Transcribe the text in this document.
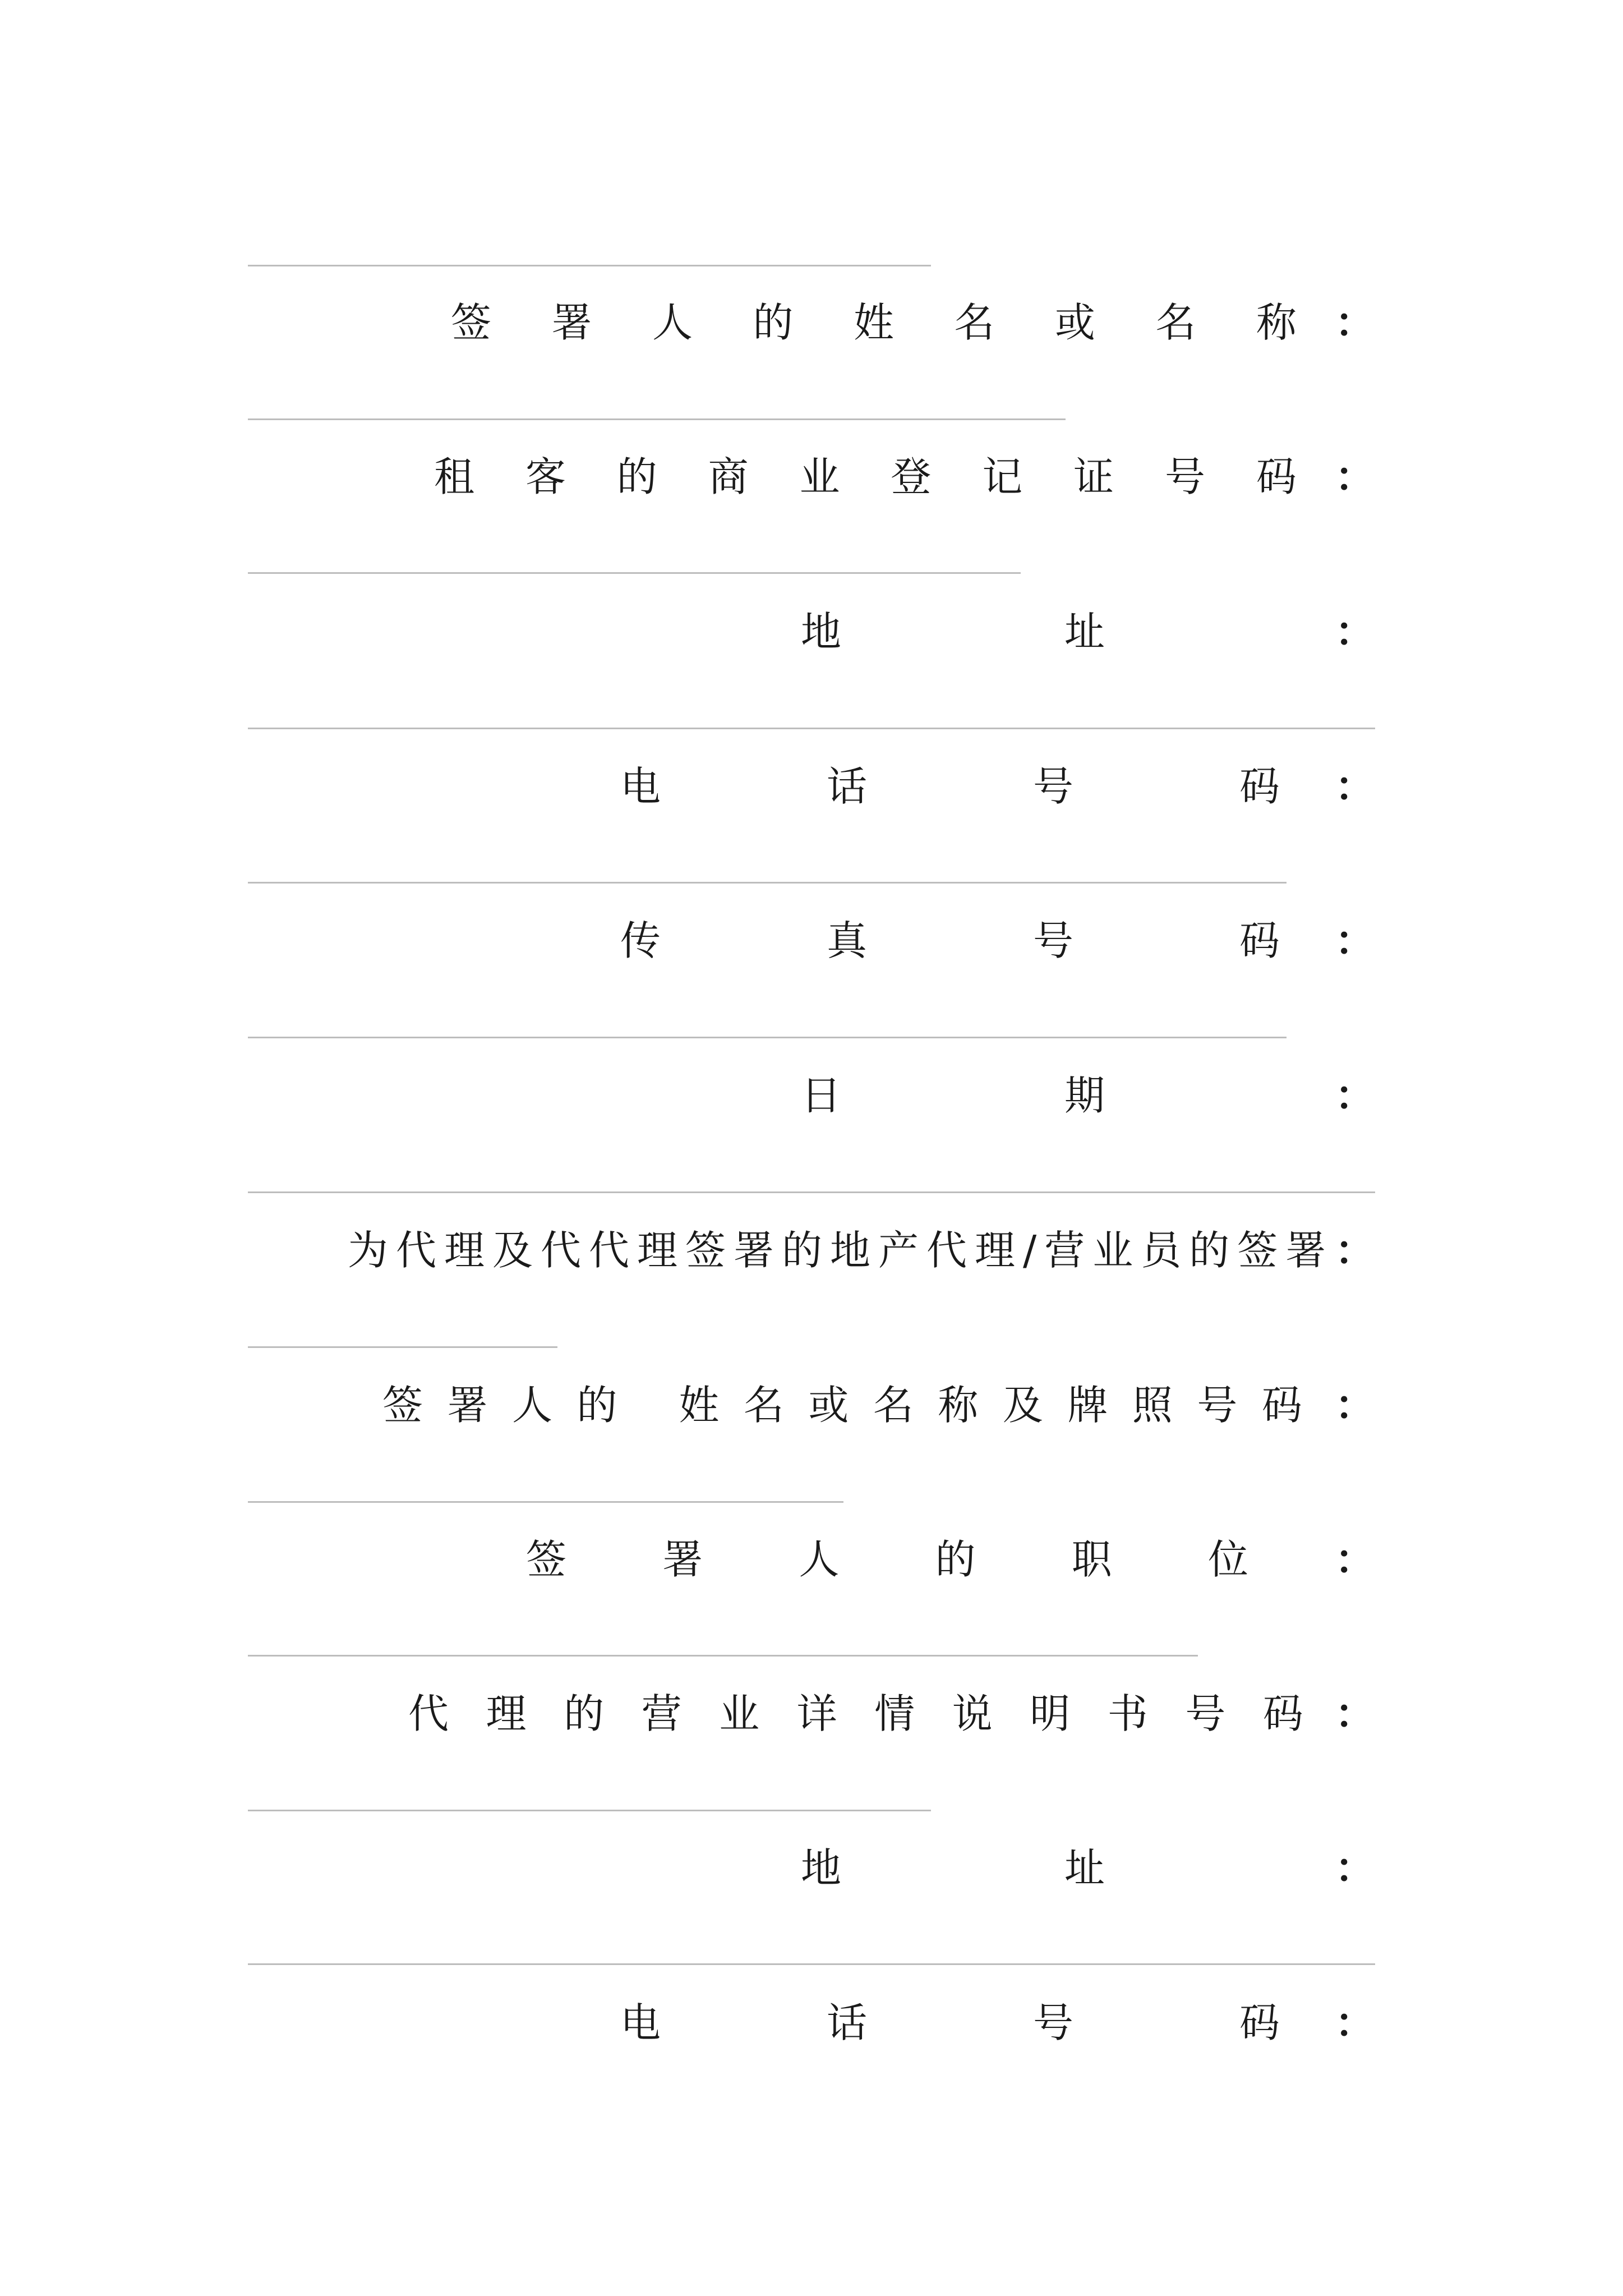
签 署 人 的 姓 名 或 名 称 ：
租 客 的 商 业 登 记 证 号 码 ：
地	址	：
电	话	号	码 ：
传	真	号	码 ：
日	期	：
为代理及代代理签署的地产代理/营业员的签署 ：
签 署 人 的
姓 名 或 名 称 及 牌 照 号 码 ：
签 署 人 的 职 位 ：
代 理 的 营 业 详 情 说 明 书 号 码 ：
地	址	：
电	话	号	码 ：
